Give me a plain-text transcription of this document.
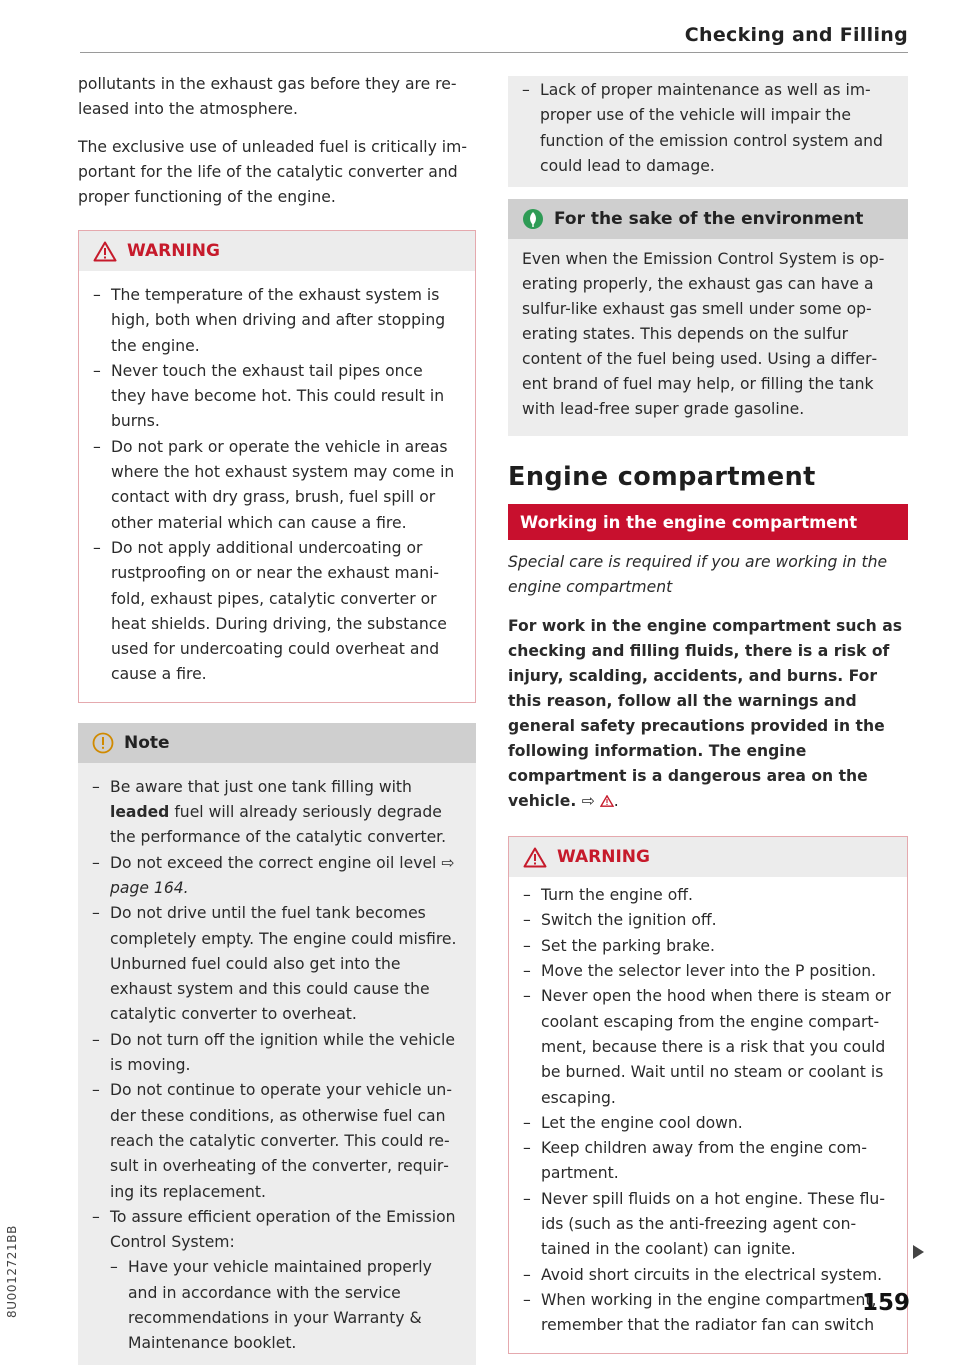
Checking and Filling

pollutants in the exhaust gas before they are released into the atmosphere.

The exclusive use of unleaded fuel is critically important for the life of the catalytic converter and proper functioning of the engine.

WARNING
– The temperature of the exhaust system is high, both when driving and after stopping the engine.
– Never touch the exhaust tail pipes once they have become hot. This could result in burns.
– Do not park or operate the vehicle in areas where the hot exhaust system may come in contact with dry grass, brush, fuel spill or other material which can cause a fire.
– Do not apply additional undercoating or rustproofing on or near the exhaust manifold, exhaust pipes, catalytic converter or heat shields. During driving, the substance used for undercoating could overheat and cause a fire.
Note
– Be aware that just one tank filling with leaded fuel will already seriously degrade the performance of the catalytic converter.
– Do not exceed the correct engine oil level ⇨ page 164.
– Do not drive until the fuel tank becomes completely empty. The engine could misfire. Unburned fuel could also get into the exhaust system and this could cause the catalytic converter to overheat.
– Do not turn off the ignition while the vehicle is moving.
– Do not continue to operate your vehicle under these conditions, as otherwise fuel can reach the catalytic converter. This could result in overheating of the converter, requiring its replacement.
– To assure efficient operation of the Emission Control System:
– Have your vehicle maintained properly and in accordance with the service recommendations in your Warranty & Maintenance booklet.
– Lack of proper maintenance as well as improper use of the vehicle will impair the function of the emission control system and could lead to damage.
For the sake of the environment

Even when the Emission Control System is operating properly, the exhaust gas can have a sulfur-like exhaust gas smell under some operating states. This depends on the sulfur content of the fuel being used. Using a different brand of fuel may help, or filling the tank with lead-free super grade gasoline.

Engine compartment
Working in the engine compartment

Special care is required if you are working in the engine compartment

For work in the engine compartment such as checking and filling fluids, there is a risk of injury, scalding, accidents, and burns. For this reason, follow all the warnings and general safety precautions provided in the following information. The engine compartment is a dangerous area on the vehicle. ⇨ .

WARNING
– Turn the engine off.
– Switch the ignition off.
– Set the parking brake.
– Move the selector lever into the P position.
– Never open the hood when there is steam or coolant escaping from the engine compartment, because there is a risk that you could be burned. Wait until no steam or coolant is escaping.
– Let the engine cool down.
– Keep children away from the engine compartment.
– Never spill fluids on a hot engine. These fluids (such as the anti-freezing agent contained in the coolant) can ignite.
– Avoid short circuits in the electrical system.
– When working in the engine compartment, remember that the radiator fan can switch
159
8U0012721BB
